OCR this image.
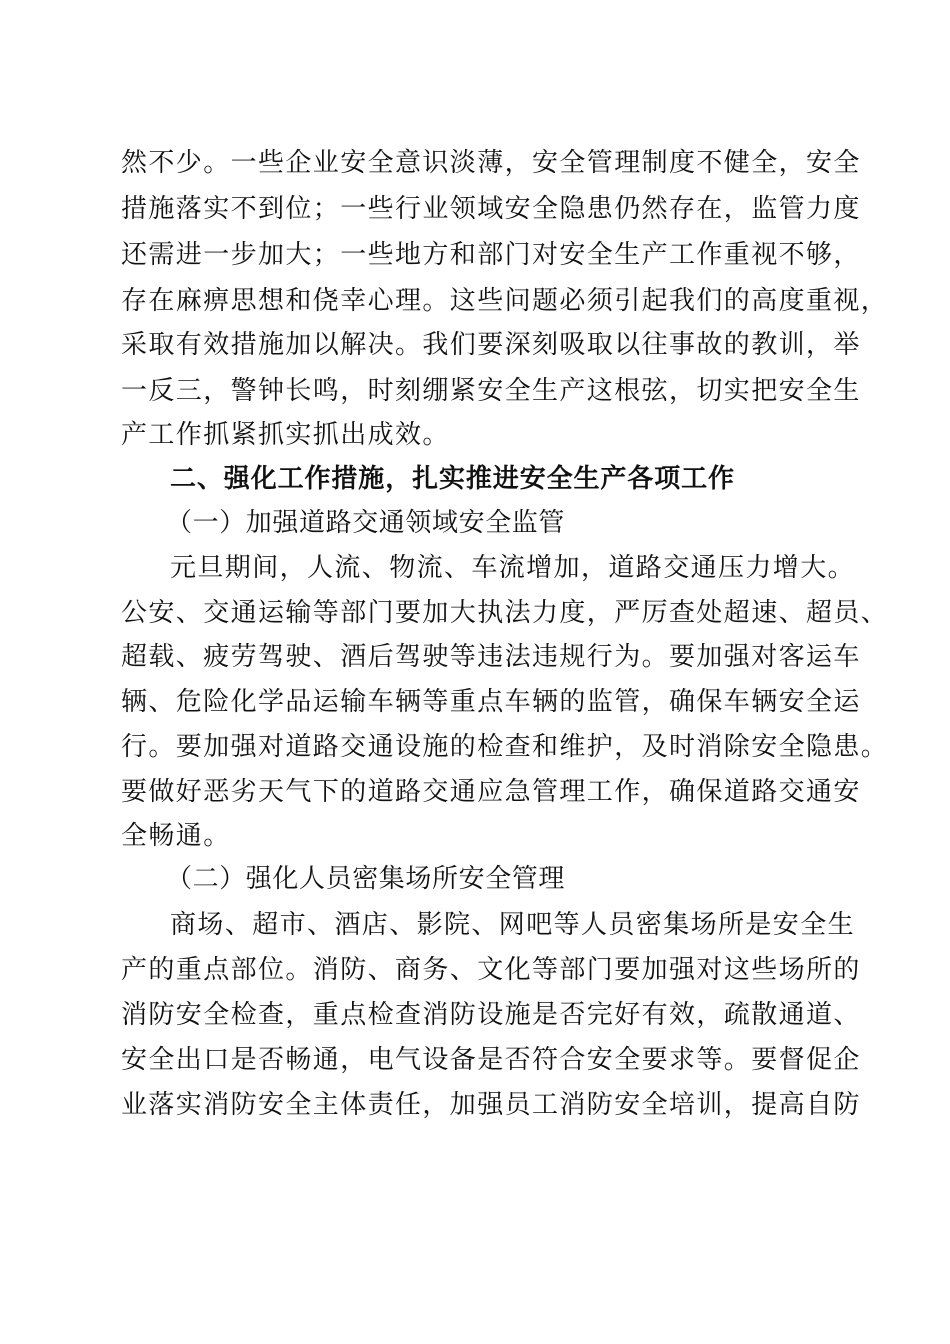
然不少。一些企业安全意识淡薄，安全管理制度不健全，安全
措施落实不到位；一些行业领域安全隐患仍然存在，监管力度
还需进一步加大；一些地方和部门对安全生产工作重视不够，
存在麻痹思想和侥幸心理。这些问题必须引起我们的高度重视，
采取有效措施加以解决。我们要深刻吸取以往事故的教训，举
一反三，警钟长鸣，时刻绷紧安全生产这根弦，切实把安全生
产工作抓紧抓实抓出成效。
二、强化工作措施，扎实推进安全生产各项工作
（一）加强道路交通领域安全监管
元旦期间，人流、物流、车流增加，道路交通压力增大。
公安、交通运输等部门要加大执法力度，严厉查处超速、超员、
超载、疲劳驾驶、酒后驾驶等违法违规行为。要加强对客运车
辆、危险化学品运输车辆等重点车辆的监管，确保车辆安全运
行。要加强对道路交通设施的检查和维护，及时消除安全隐患。
要做好恶劣天气下的道路交通应急管理工作，确保道路交通安
全畅通。
（二）强化人员密集场所安全管理
商场、超市、酒店、影院、网吧等人员密集场所是安全生
产的重点部位。消防、商务、文化等部门要加强对这些场所的
消防安全检查，重点检查消防设施是否完好有效，疏散通道、
安全出口是否畅通，电气设备是否符合安全要求等。要督促企
业落实消防安全主体责任，加强员工消防安全培训，提高自防
